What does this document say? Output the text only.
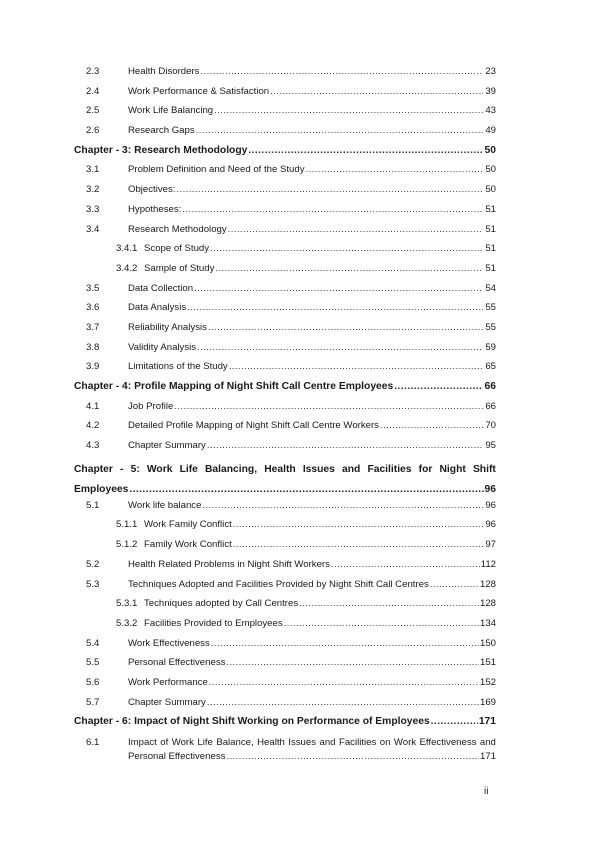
2.3	Health Disorders .....	23
2.4	Work Performance & Satisfaction .....	39
2.5	Work Life Balancing .....	43
2.6	Research Gaps .....	49
Chapter - 3: Research Methodology .....	50
3.1	Problem Definition and Need of the Study .....	50
3.2	Objectives: .....	50
3.3	Hypotheses: .....	51
3.4	Research Methodology .....	51
3.4.1 Scope of Study .....	51
3.4.2 Sample of Study .....	51
3.5	Data Collection .....	54
3.6	Data Analysis .....	55
3.7	Reliability Analysis .....	55
3.8	Validity Analysis .....	59
3.9	Limitations of the Study .....	65
Chapter - 4: Profile Mapping of Night Shift Call Centre Employees .....	66
4.1	Job Profile .....	66
4.2	Detailed Profile Mapping of Night Shift Call Centre Workers .....	70
4.3	Chapter Summary .....	95
Chapter - 5: Work Life Balancing, Health Issues and Facilities for Night Shift
Employees .....	96
5.1	Work life balance .....	96
5.1.1 Work Family Conflict .....	96
5.1.2 Family Work Conflict .....	97
5.2	Health Related Problems in Night Shift Workers .....	112
5.3	Techniques Adopted and Facilities Provided by Night Shift Call Centres .....	128
5.3.1 Techniques adopted by Call Centres .....	128
5.3.2 Facilities Provided to Employees .....	134
5.4	Work Effectiveness .....	150
5.5	Personal Effectiveness .....	151
5.6	Work Performance .....	152
5.7	Chapter Summary .....	169
Chapter - 6: Impact of Night Shift Working on Performance of Employees .....	171
6.1	Impact of Work Life Balance, Health Issues and Facilities on Work Effectiveness and
Personal Effectiveness .....	171
ii
